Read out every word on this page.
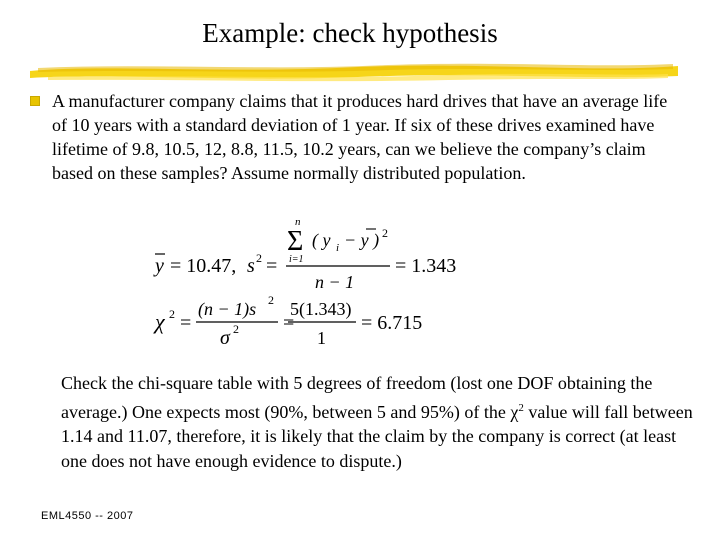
Example: check hypothesis
A manufacturer company claims that it produces hard drives that have an average life of 10 years with a standard deviation of 1 year. If six of these drives examined have lifetime of 9.8, 10.5, 12, 8.8, 11.5, 10.2 years, can we believe the company’s claim based on these samples? Assume normally distributed population.
y = 10.47, s 2 =
n
Σ
i=1
( y i − y ) 2
n − 1
= 1.343
χ 2 =
(n − 1)s 2
σ 2 =
5(1.343)
1
= 6.715
Check the chi-square table with 5 degrees of freedom (lost one DOF obtaining the average.) One expects most (90%, between 5 and 95%) of the $\chi^2$ value will fall between 1.14 and 11.07, therefore, it is likely that the claim by the company is correct (at least one does not have enough evidence to dispute.)
EML4550 -- 2007
